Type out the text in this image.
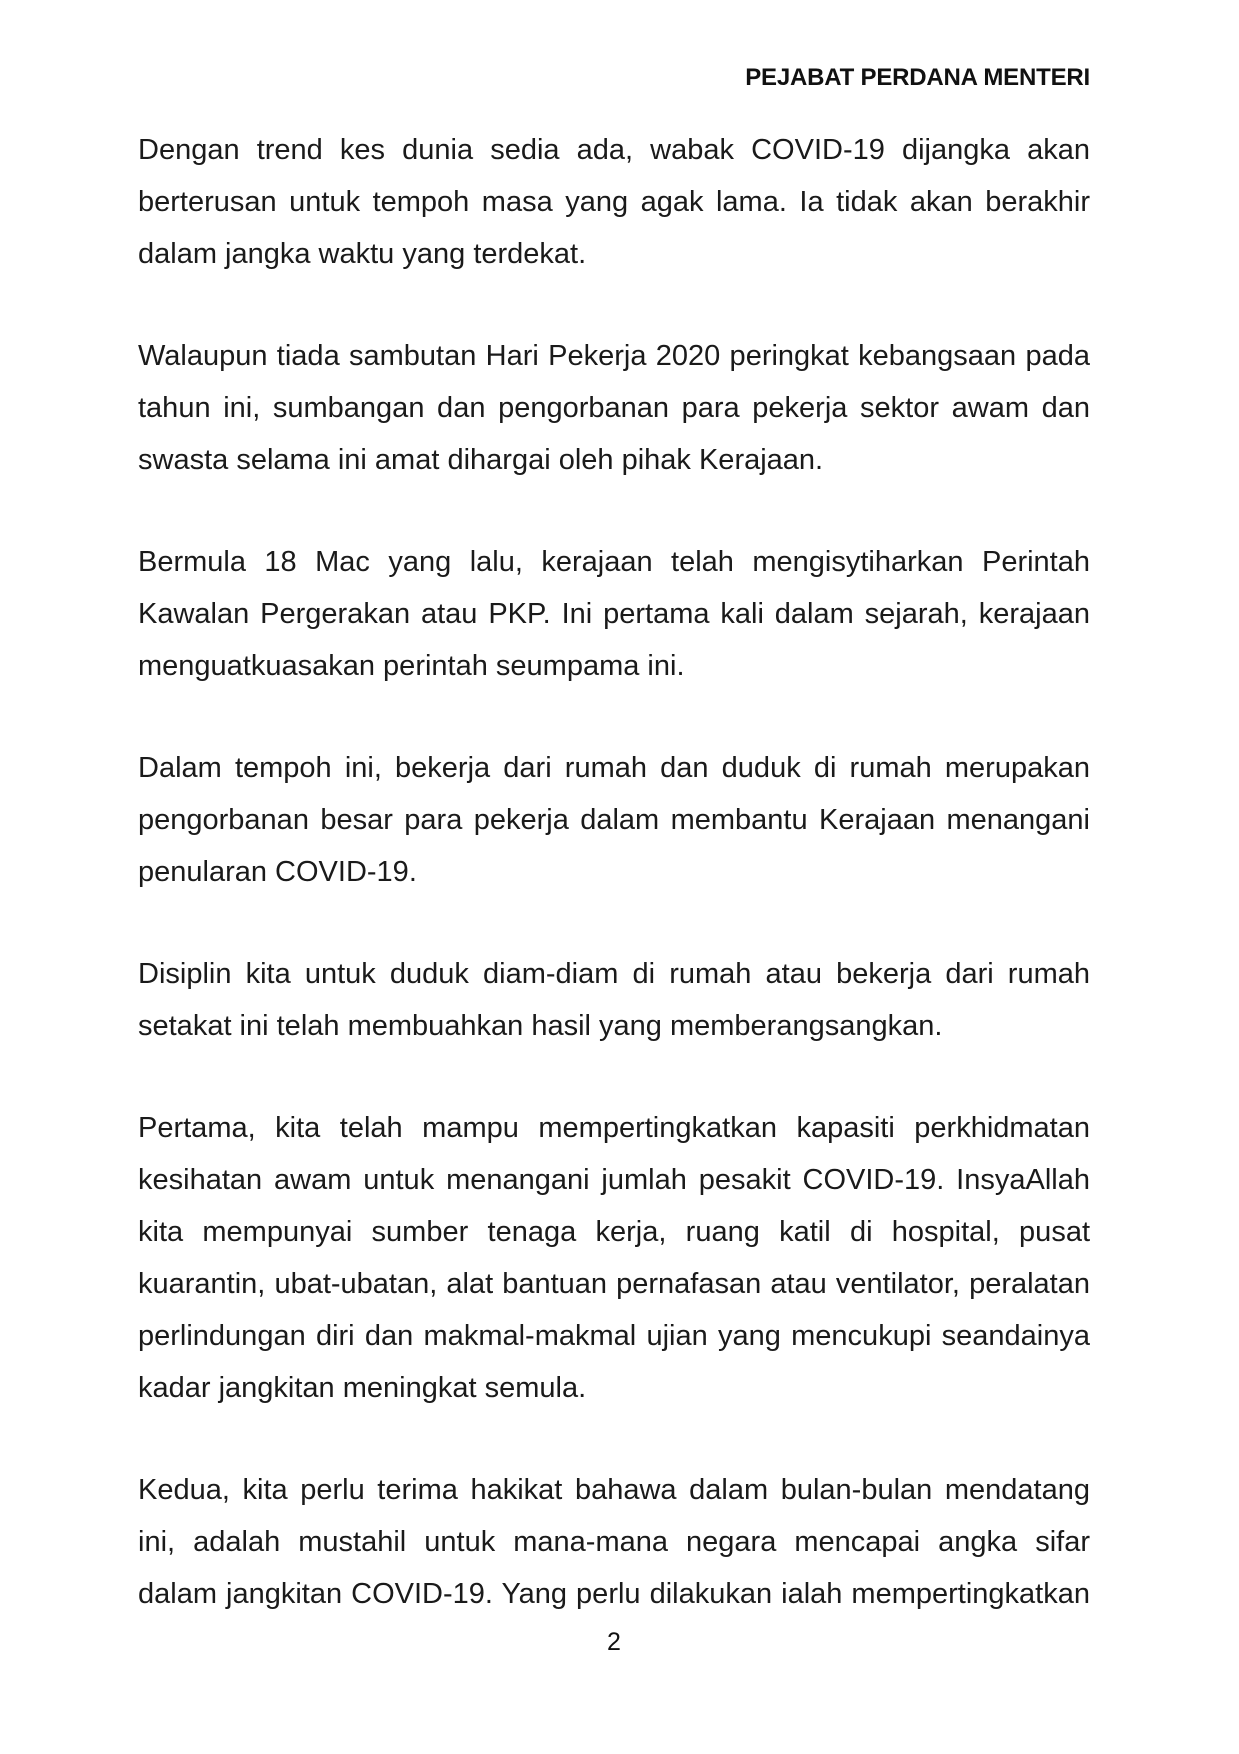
PEJABAT PERDANA MENTERI

Dengan trend kes dunia sedia ada, wabak COVID-19 dijangka akan
berterusan untuk tempoh masa yang agak lama. Ia tidak akan berakhir
dalam jangka waktu yang terdekat.

Walaupun tiada sambutan Hari Pekerja 2020 peringkat kebangsaan pada
tahun ini, sumbangan dan pengorbanan para pekerja sektor awam dan
swasta selama ini amat dihargai oleh pihak Kerajaan.

Bermula 18 Mac yang lalu, kerajaan telah mengisytiharkan Perintah
Kawalan Pergerakan atau PKP. Ini pertama kali dalam sejarah, kerajaan
menguatkuasakan perintah seumpama ini.

Dalam tempoh ini, bekerja dari rumah dan duduk di rumah merupakan
pengorbanan besar para pekerja dalam membantu Kerajaan menangani
penularan COVID-19.

Disiplin kita untuk duduk diam-diam di rumah atau bekerja dari rumah
setakat ini telah membuahkan hasil yang memberangsangkan.

Pertama, kita telah mampu mempertingkatkan kapasiti perkhidmatan
kesihatan awam untuk menangani jumlah pesakit COVID-19. InsyaAllah
kita mempunyai sumber tenaga kerja, ruang katil di hospital, pusat
kuarantin, ubat-ubatan, alat bantuan pernafasan atau ventilator, peralatan
perlindungan diri dan makmal-makmal ujian yang mencukupi seandainya
kadar jangkitan meningkat semula.

Kedua, kita perlu terima hakikat bahawa dalam bulan-bulan mendatang
ini, adalah mustahil untuk mana-mana negara mencapai angka sifar
dalam jangkitan COVID-19. Yang perlu dilakukan ialah mempertingkatkan

2
